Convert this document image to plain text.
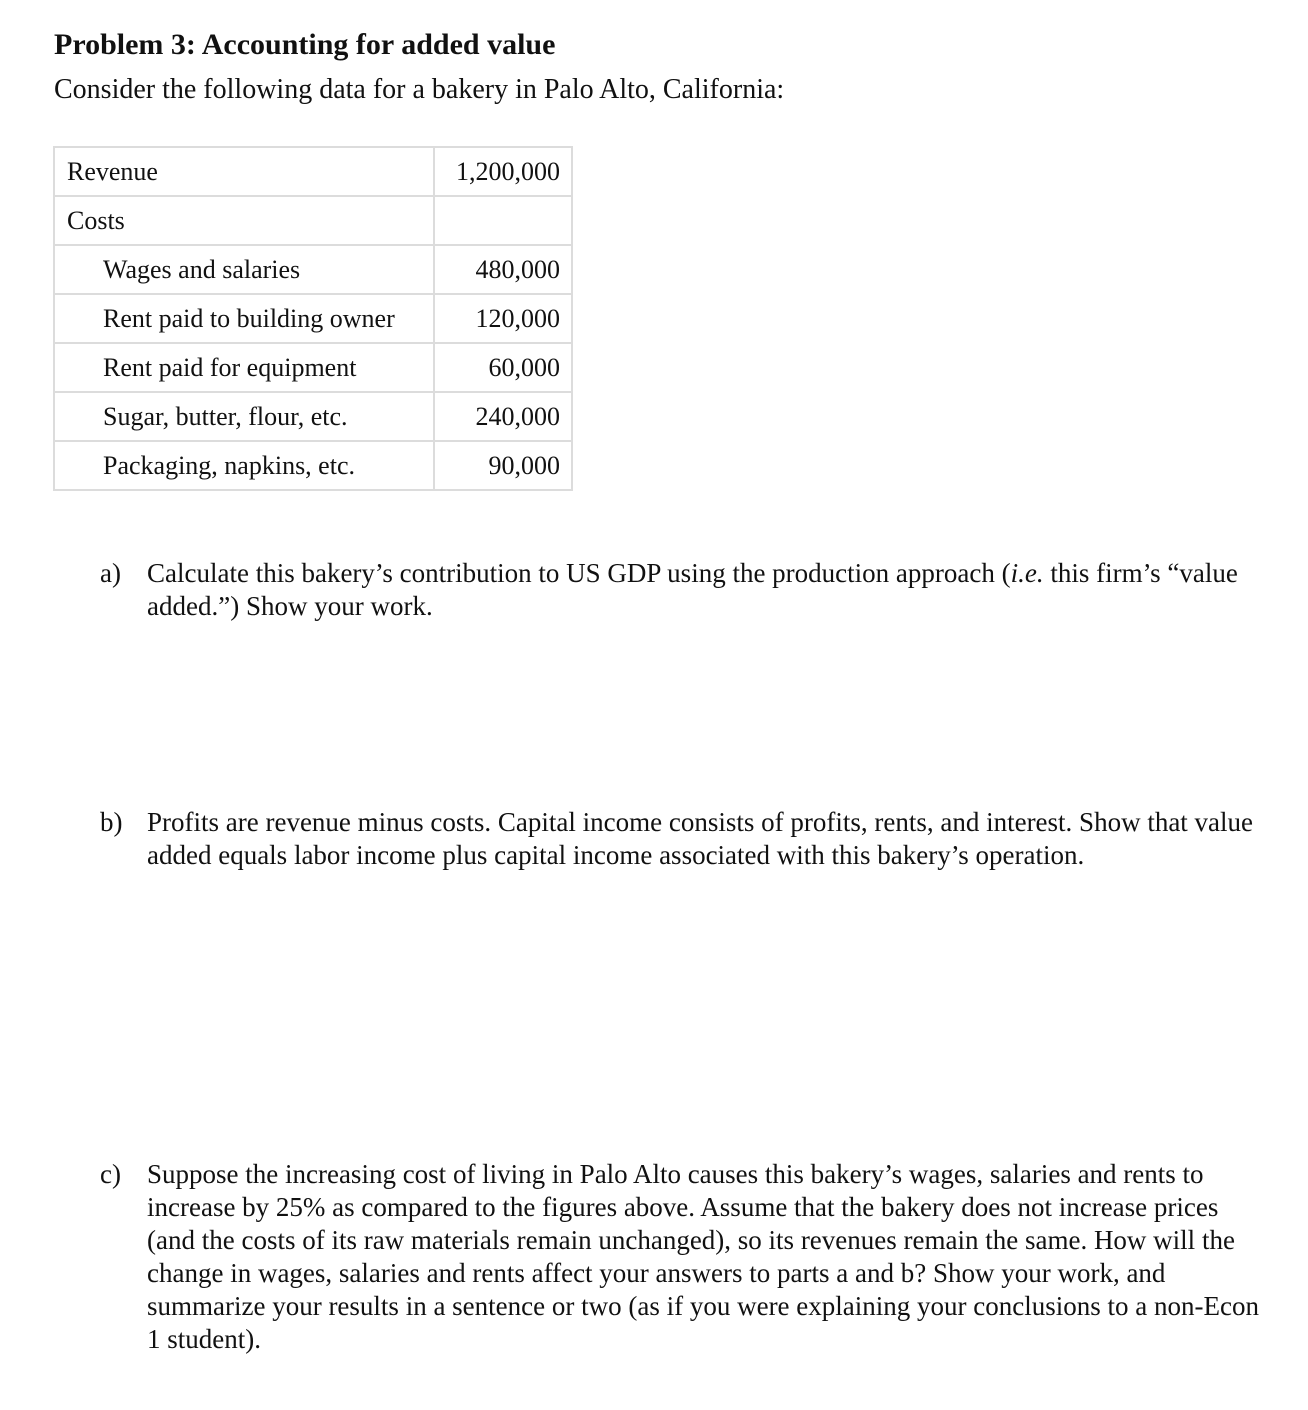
Problem 3: Accounting for added value
Consider the following data for a bakery in Palo Alto, California:
Revenue	1,200,000
Costs	
Wages and salaries	480,000
Rent paid to building owner	120,000
Rent paid for equipment	60,000
Sugar, butter, flour, etc.	240,000
Packaging, napkins, etc.	90,000
a) Calculate this bakery’s contribution to US GDP using the production approach (i.e. this firm’s “value added.”) Show your work.
b) Profits are revenue minus costs. Capital income consists of profits, rents, and interest. Show that value added equals labor income plus capital income associated with this bakery’s operation.
c) Suppose the increasing cost of living in Palo Alto causes this bakery’s wages, salaries and rents to increase by 25% as compared to the figures above. Assume that the bakery does not increase prices (and the costs of its raw materials remain unchanged), so its revenues remain the same. How will the change in wages, salaries and rents affect your answers to parts a and b? Show your work, and summarize your results in a sentence or two (as if you were explaining your conclusions to a non-Econ 1 student).
